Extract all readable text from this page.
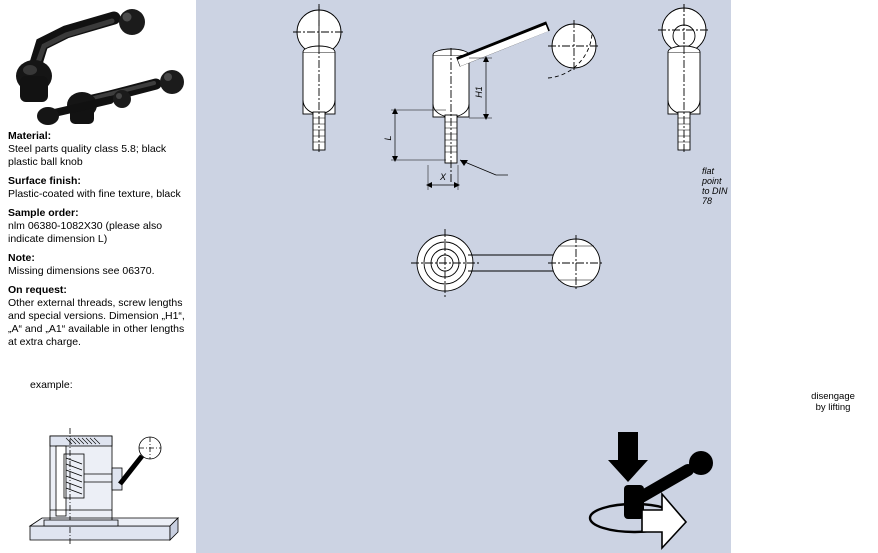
Material:
Steel parts quality class 5.8; black plastic ball knob
Surface finish:
Plastic-coated with fine texture, black
Sample order:
nlm 06380-1082X30 (please also indicate dimension L)
Note:
Missing dimensions see 06370.
On request:
Other external threads, screw lengths and special versions. Dimension „H1“, „A“ and „A1“ available in other lengths at extra charge.
example:
H1
L
X
flat point to DIN 78
disengage
by lifting
